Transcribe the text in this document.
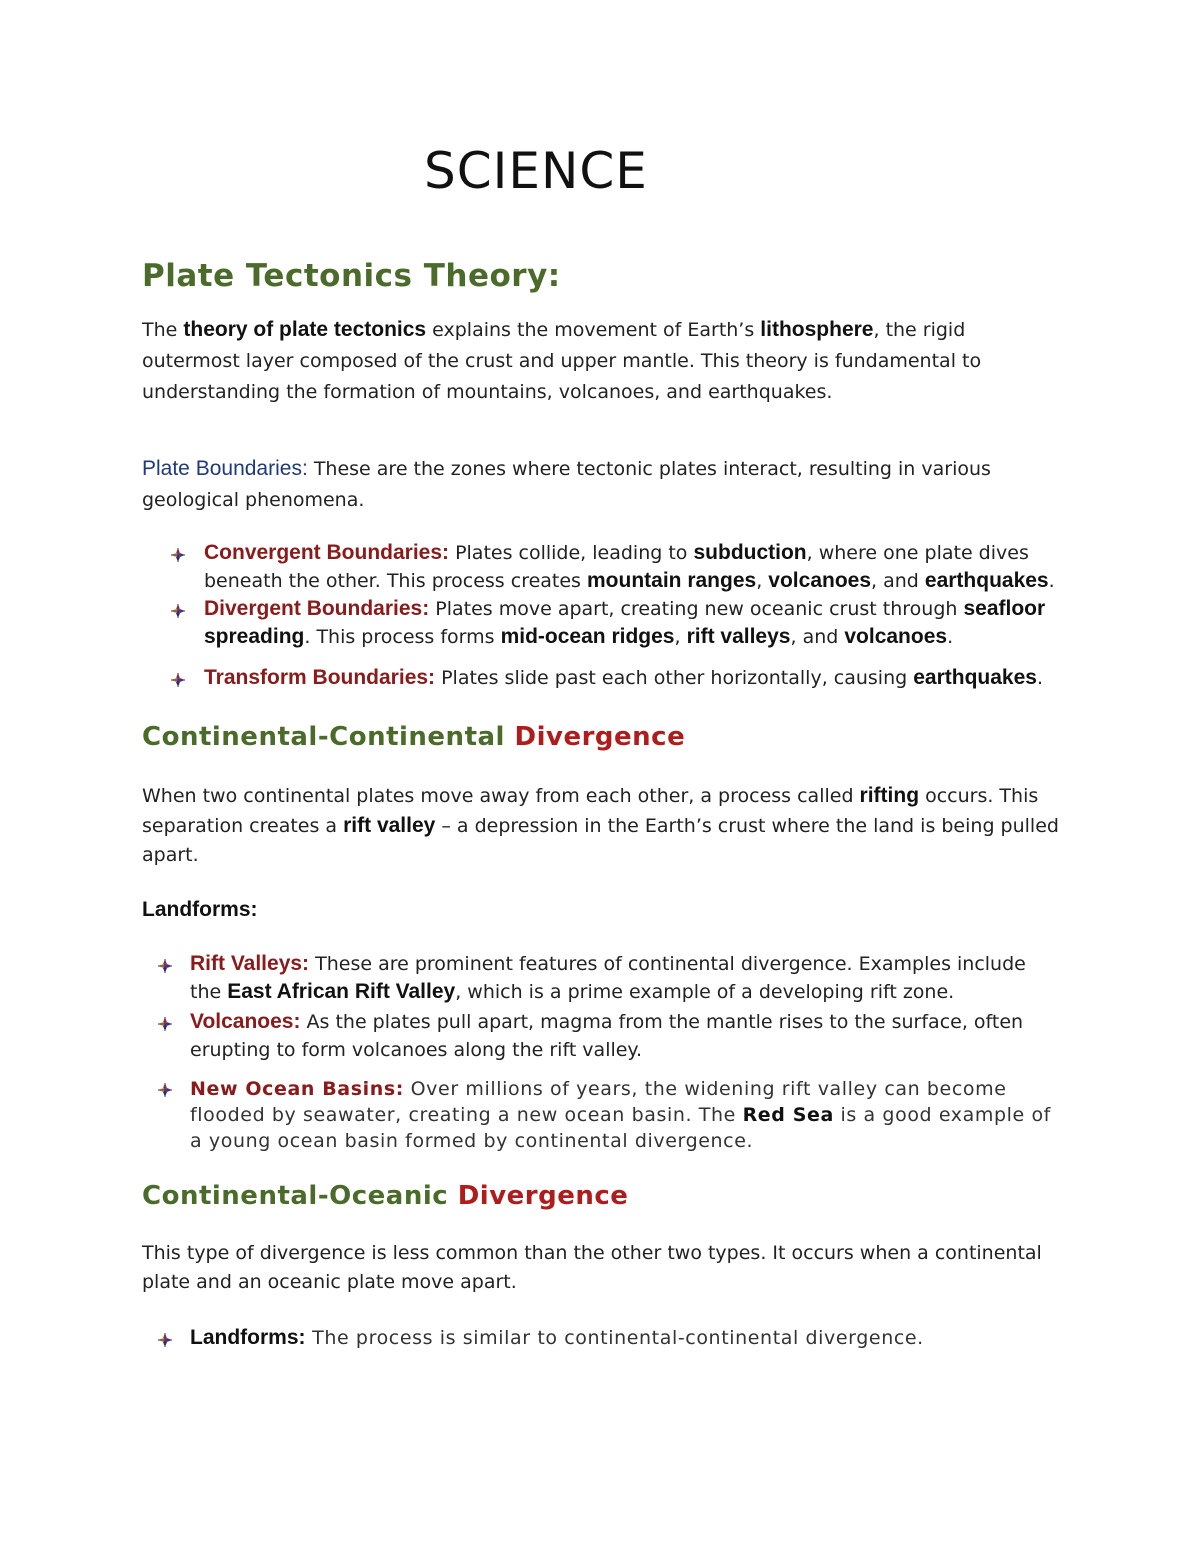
SCIENCE
Plate Tectonics Theory:

The theory of plate tectonics explains the movement of Earth’s lithosphere, the rigid outermost layer composed of the crust and upper mantle. This theory is fundamental to understanding the formation of mountains, volcanoes, and earthquakes.

Plate Boundaries: These are the zones where tectonic plates interact, resulting in various geological phenomena.

Convergent Boundaries: Plates collide, leading to subduction, where one plate dives beneath the other. This process creates mountain ranges, volcanoes, and earthquakes.

Divergent Boundaries: Plates move apart, creating new oceanic crust through seafloor spreading. This process forms mid-ocean ridges, rift valleys, and volcanoes.

Transform Boundaries: Plates slide past each other horizontally, causing earthquakes.

Continental-Continental Divergence

When two continental plates move away from each other, a process called rifting occurs. This separation creates a rift valley – a depression in the Earth’s crust where the land is being pulled apart.

Landforms:

Rift Valleys: These are prominent features of continental divergence. Examples include the East African Rift Valley, which is a prime example of a developing rift zone.

Volcanoes: As the plates pull apart, magma from the mantle rises to the surface, often erupting to form volcanoes along the rift valley.

New Ocean Basins: Over millions of years, the widening rift valley can become flooded by seawater, creating a new ocean basin. The Red Sea is a good example of a young ocean basin formed by continental divergence.

Continental-Oceanic Divergence

This type of divergence is less common than the other two types. It occurs when a continental plate and an oceanic plate move apart.

Landforms: The process is similar to continental-continental divergence.
